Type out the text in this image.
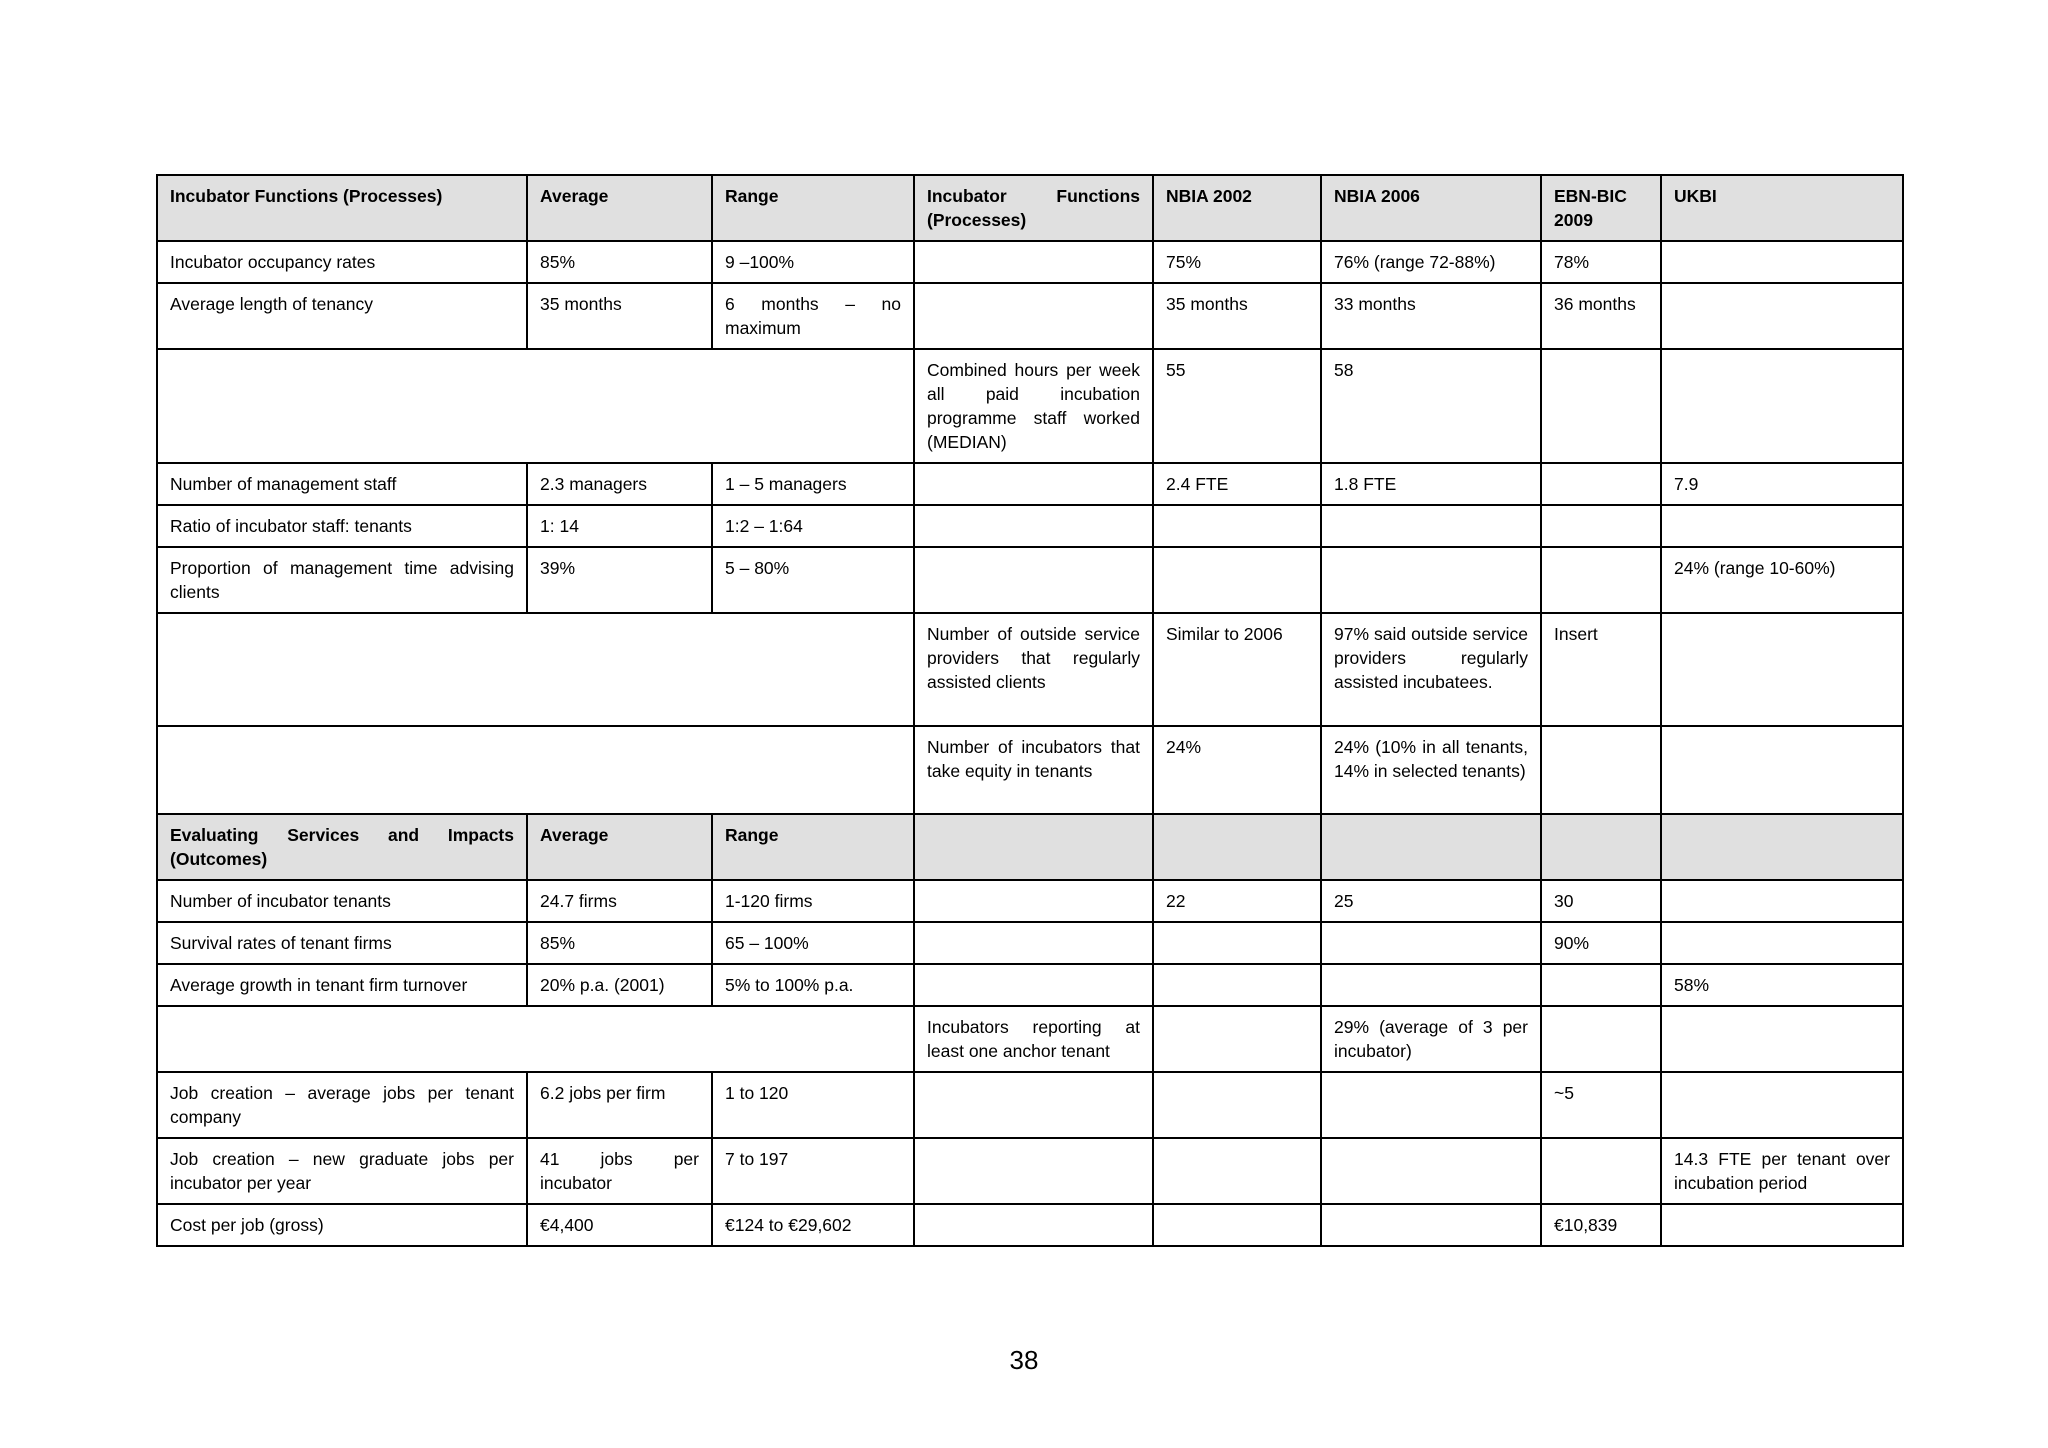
Incubator Functions (Processes)	Average	Range	Incubator Functions (Processes)	NBIA 2002	NBIA 2006	EBN-BIC 2009	UKBI
Incubator occupancy rates	85%	9 –100%		75%	76% (range 72-88%)	78%	
Average length of tenancy	35 months	6 months – no maximum		35 months	33 months	36 months	
			Combined hours per week all paid incubation programme staff worked (MEDIAN)	55	58		
Number of management staff	2.3 managers	1 – 5 managers		2.4 FTE	1.8 FTE		7.9
Ratio of incubator staff: tenants	1: 14	1:2 – 1:64					
Proportion of management time advising clients	39%	5 – 80%					24% (range 10-60%)
			Number of outside service providers that regularly assisted clients	Similar to 2006	97% said outside service providers regularly assisted incubatees.	Insert	
			Number of incubators that take equity in tenants	24%	24% (10% in all tenants, 14% in selected tenants)		
Evaluating Services and Impacts (Outcomes)	Average	Range					
Number of incubator tenants	24.7 firms	1-120 firms		22	25	30	
Survival rates of tenant firms	85%	65 – 100%				90%	
Average growth in tenant firm turnover	20% p.a. (2001)	5% to 100% p.a.					58%
			Incubators reporting at least one anchor tenant		29% (average of 3 per incubator)		
Job creation – average jobs per tenant company	6.2 jobs per firm	1 to 120				~5	
Job creation – new graduate jobs per incubator per year	41 jobs per incubator	7 to 197					14.3 FTE per tenant over incubation period
Cost per job (gross)	€4,400	€124 to €29,602				€10,839	
38
